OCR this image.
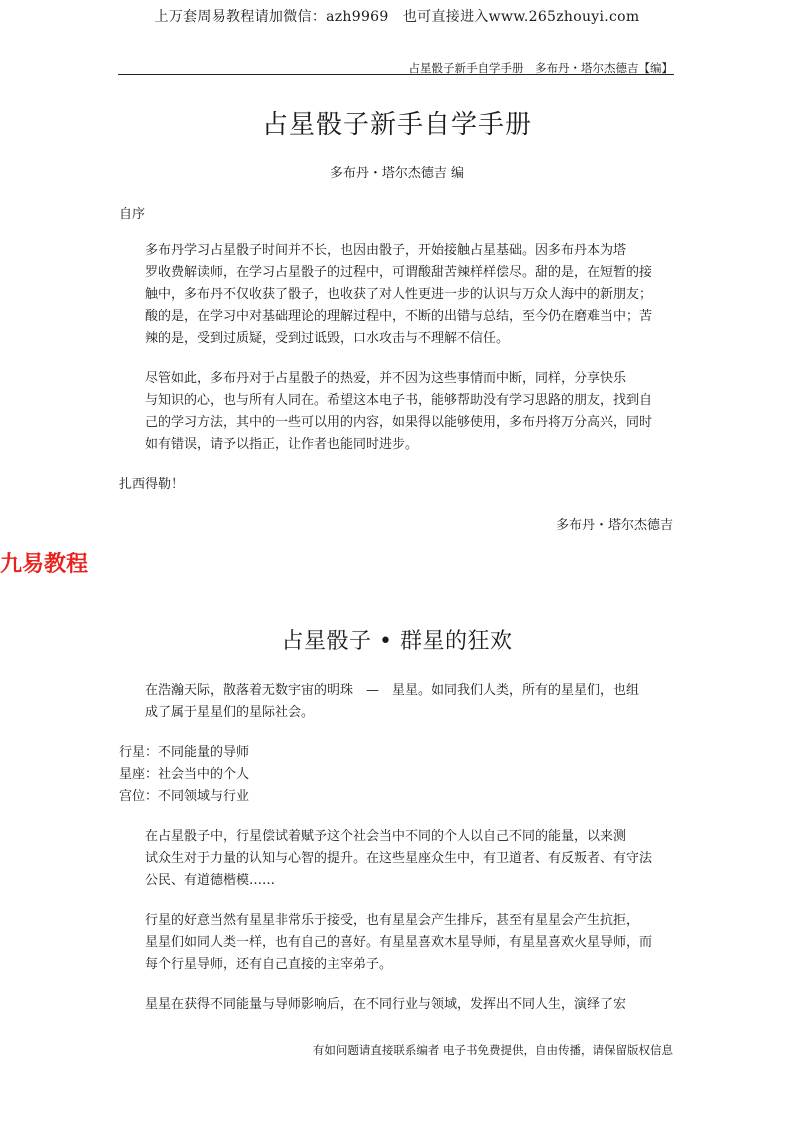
上万套周易教程请加微信：azh9969　也可直接进入www.265zhouyi.com
占星骰子新手自学手册　多布丹・塔尔杰德吉【编】
占星骰子新手自学手册
多布丹・塔尔杰德吉 编
自序
多布丹学习占星骰子时间并不长，也因由骰子，开始接触占星基础。因多布丹本为塔
罗收费解读师，在学习占星骰子的过程中，可谓酸甜苦辣样样偿尽。甜的是，在短暂的接
触中，多布丹不仅收获了骰子，也收获了对人性更进一步的认识与万众人海中的新朋友；
酸的是，在学习中对基础理论的理解过程中，不断的出错与总结，至今仍在磨难当中；苦
辣的是，受到过质疑，受到过诋毁，口水攻击与不理解不信任。
尽管如此，多布丹对于占星骰子的热爱，并不因为这些事情而中断，同样，分享快乐
与知识的心，也与所有人同在。希望这本电子书，能够帮助没有学习思路的朋友，找到自
己的学习方法，其中的一些可以用的内容，如果得以能够使用，多布丹将万分高兴，同时
如有错误，请予以指正，让作者也能同时进步。
扎西得勒！
多布丹・塔尔杰德吉
九易教程
占星骰子 • 群星的狂欢
在浩瀚天际，散落着无数宇宙的明珠　—　星星。如同我们人类，所有的星星们，也组
成了属于星星们的星际社会。
行星：不同能量的导师
星座：社会当中的个人
宫位：不同领域与行业
在占星骰子中，行星偿试着赋予这个社会当中不同的个人以自己不同的能量，以来测
试众生对于力量的认知与心智的提升。在这些星座众生中，有卫道者、有反叛者、有守法
公民、有道德楷模……
行星的好意当然有星星非常乐于接受，也有星星会产生排斥，甚至有星星会产生抗拒，
星星们如同人类一样，也有自己的喜好。有星星喜欢木星导师，有星星喜欢火星导师，而
每个行星导师，还有自己直接的主宰弟子。
星星在获得不同能量与导师影响后，在不同行业与领域，发挥出不同人生，演绎了宏
有如问题请直接联系编者 电子书免费提供，自由传播，请保留版权信息
